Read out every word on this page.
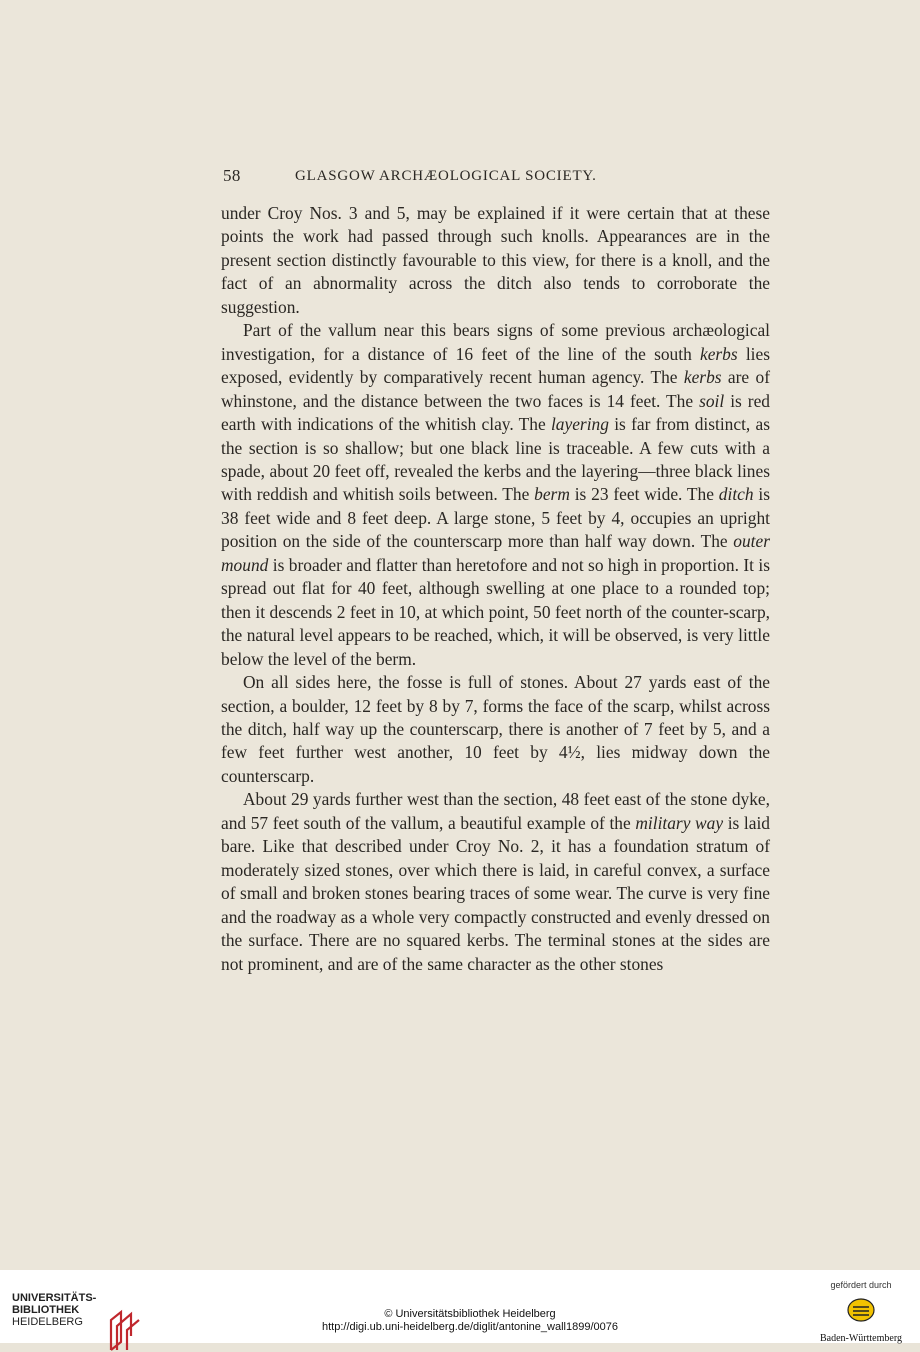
58	GLASGOW ARCHÆOLOGICAL SOCIETY.

under Croy Nos. 3 and 5, may be explained if it were certain that at these points the work had passed through such knolls. Appearances are in the present section distinctly favourable to this view, for there is a knoll, and the fact of an abnormality across the ditch also tends to corroborate the suggestion.

Part of the vallum near this bears signs of some previous archæological investigation, for a distance of 16 feet of the line of the south kerbs lies exposed, evidently by comparatively recent human agency. The kerbs are of whinstone, and the distance between the two faces is 14 feet. The soil is red earth with indications of the whitish clay. The layering is far from distinct, as the section is so shallow; but one black line is traceable. A few cuts with a spade, about 20 feet off, revealed the kerbs and the layering—three black lines with reddish and whitish soils between. The berm is 23 feet wide. The ditch is 38 feet wide and 8 feet deep. A large stone, 5 feet by 4, occupies an upright position on the side of the counterscarp more than half way down. The outer mound is broader and flatter than heretofore and not so high in proportion. It is spread out flat for 40 feet, although swelling at one place to a rounded top; then it descends 2 feet in 10, at which point, 50 feet north of the counter-scarp, the natural level appears to be reached, which, it will be observed, is very little below the level of the berm.

On all sides here, the fosse is full of stones. About 27 yards east of the section, a boulder, 12 feet by 8 by 7, forms the face of the scarp, whilst across the ditch, half way up the counterscarp, there is another of 7 feet by 5, and a few feet further west another, 10 feet by 4½, lies midway down the counterscarp.

About 29 yards further west than the section, 48 feet east of the stone dyke, and 57 feet south of the vallum, a beautiful example of the military way is laid bare. Like that described under Croy No. 2, it has a foundation stratum of moderately sized stones, over which there is laid, in careful convex, a surface of small and broken stones bearing traces of some wear. The curve is very fine and the roadway as a whole very compactly constructed and evenly dressed on the surface. There are no squared kerbs. The terminal stones at the sides are not prominent, and are of the same character as the other stones

UNIVERSITÄTS-
BIBLIOTHEK
HEIDELBERG
© Universitätsbibliothek Heidelberg
http://digi.ub.uni-heidelberg.de/diglit/antonine_wall1899/0076
gefördert durch
Baden-Württemberg
